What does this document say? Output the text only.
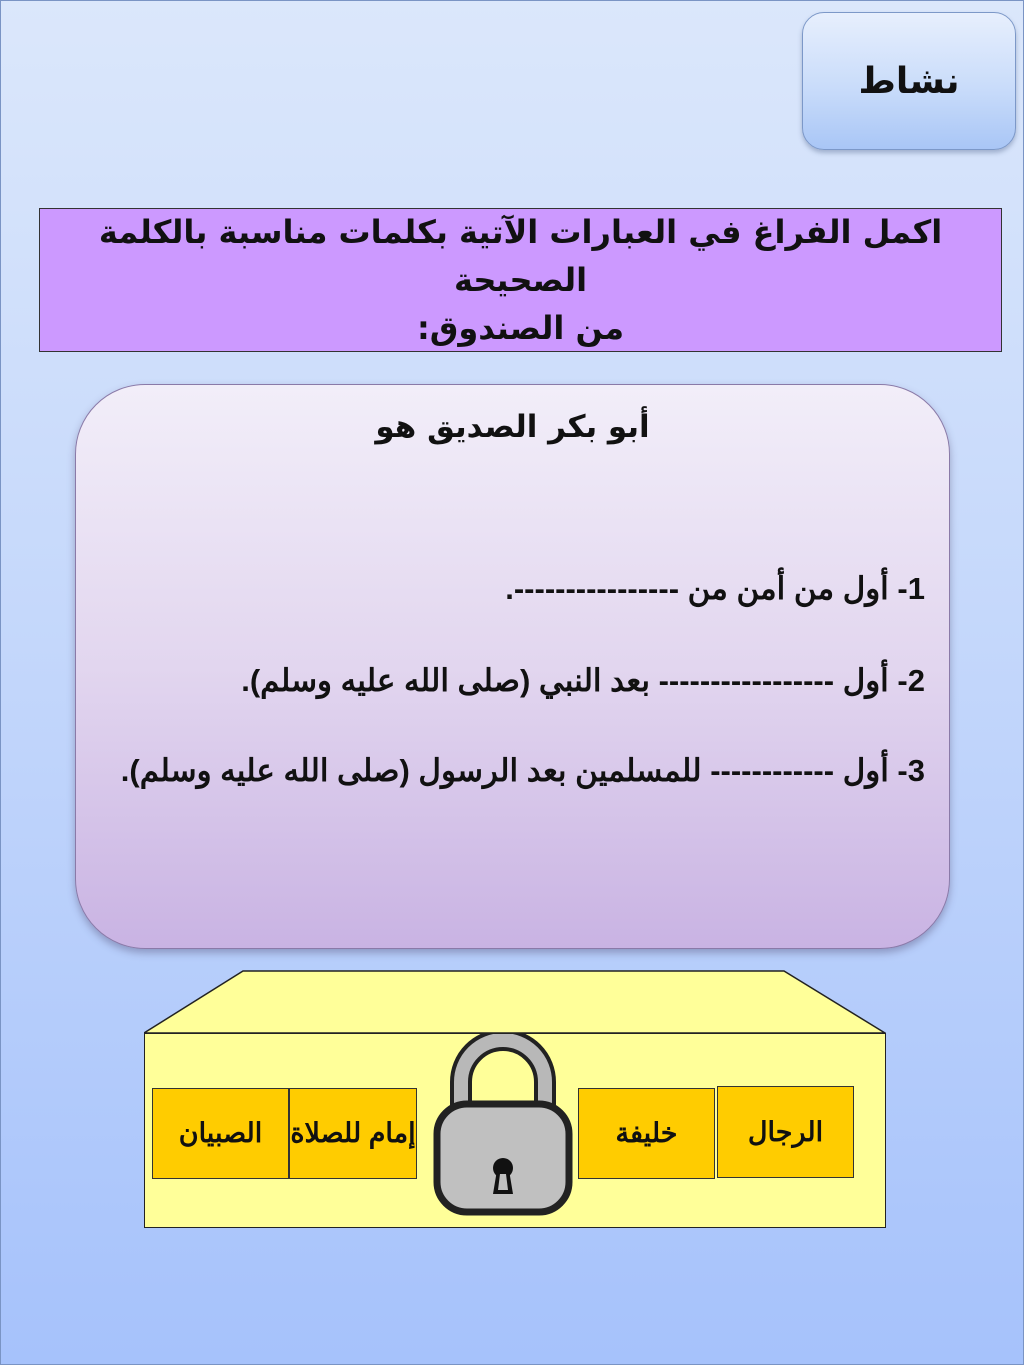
نشاط
اكمل الفراغ في العبارات الآتية بكلمات مناسبة بالكلمة الصحيحة
من الصندوق:
أبو بكر الصديق هو
1- أول من أمن من ----------------.
2- أول ----------------- بعد النبي (صلى الله عليه وسلم).
3- أول ------------ للمسلمين بعد الرسول (صلى الله عليه وسلم).
الصبيان	إمام للصلاة	خليفة	الرجال
